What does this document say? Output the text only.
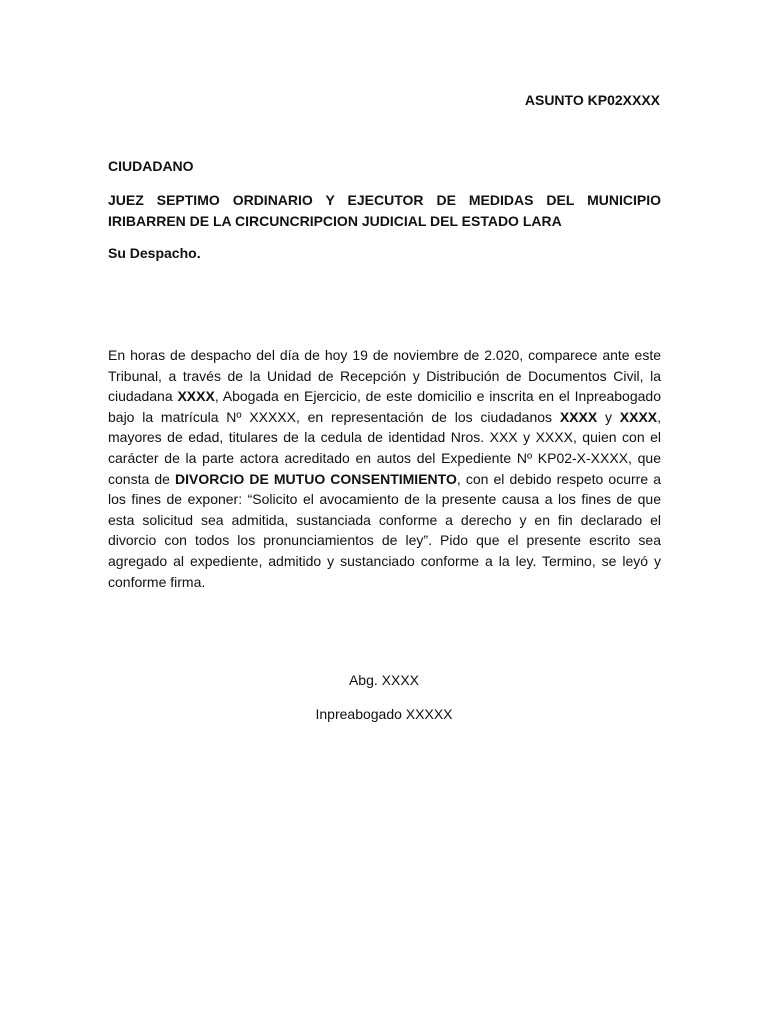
ASUNTO KP02XXXX

CIUDADANO

JUEZ SEPTIMO ORDINARIO Y EJECUTOR DE MEDIDAS DEL MUNICIPIO IRIBARREN DE LA CIRCUNCRIPCION JUDICIAL DEL ESTADO LARA

Su Despacho.

En horas de despacho del día de hoy 19 de noviembre de 2.020, comparece ante este Tribunal, a través de la Unidad de Recepción y Distribución de Documentos Civil, la ciudadana XXXX, Abogada en Ejercicio, de este domicilio e inscrita en el Inpreabogado bajo la matrícula Nº XXXXX, en representación de los ciudadanos XXXX y XXXX, mayores de edad, titulares de la cedula de identidad Nros. XXX y XXXX, quien con el carácter de la parte actora acreditado en autos del Expediente Nº KP02-X-XXXX, que consta de DIVORCIO DE MUTUO CONSENTIMIENTO, con el debido respeto ocurre a los fines de exponer: “Solicito el avocamiento de la presente causa a los fines de que esta solicitud sea admitida, sustanciada conforme a derecho y en fin declarado el divorcio con todos los pronunciamientos de ley”. Pido que el presente escrito sea agregado al expediente, admitido y sustanciado conforme a la ley. Termino, se leyó y conforme firma.

Abg. XXXX
Inpreabogado XXXXX
